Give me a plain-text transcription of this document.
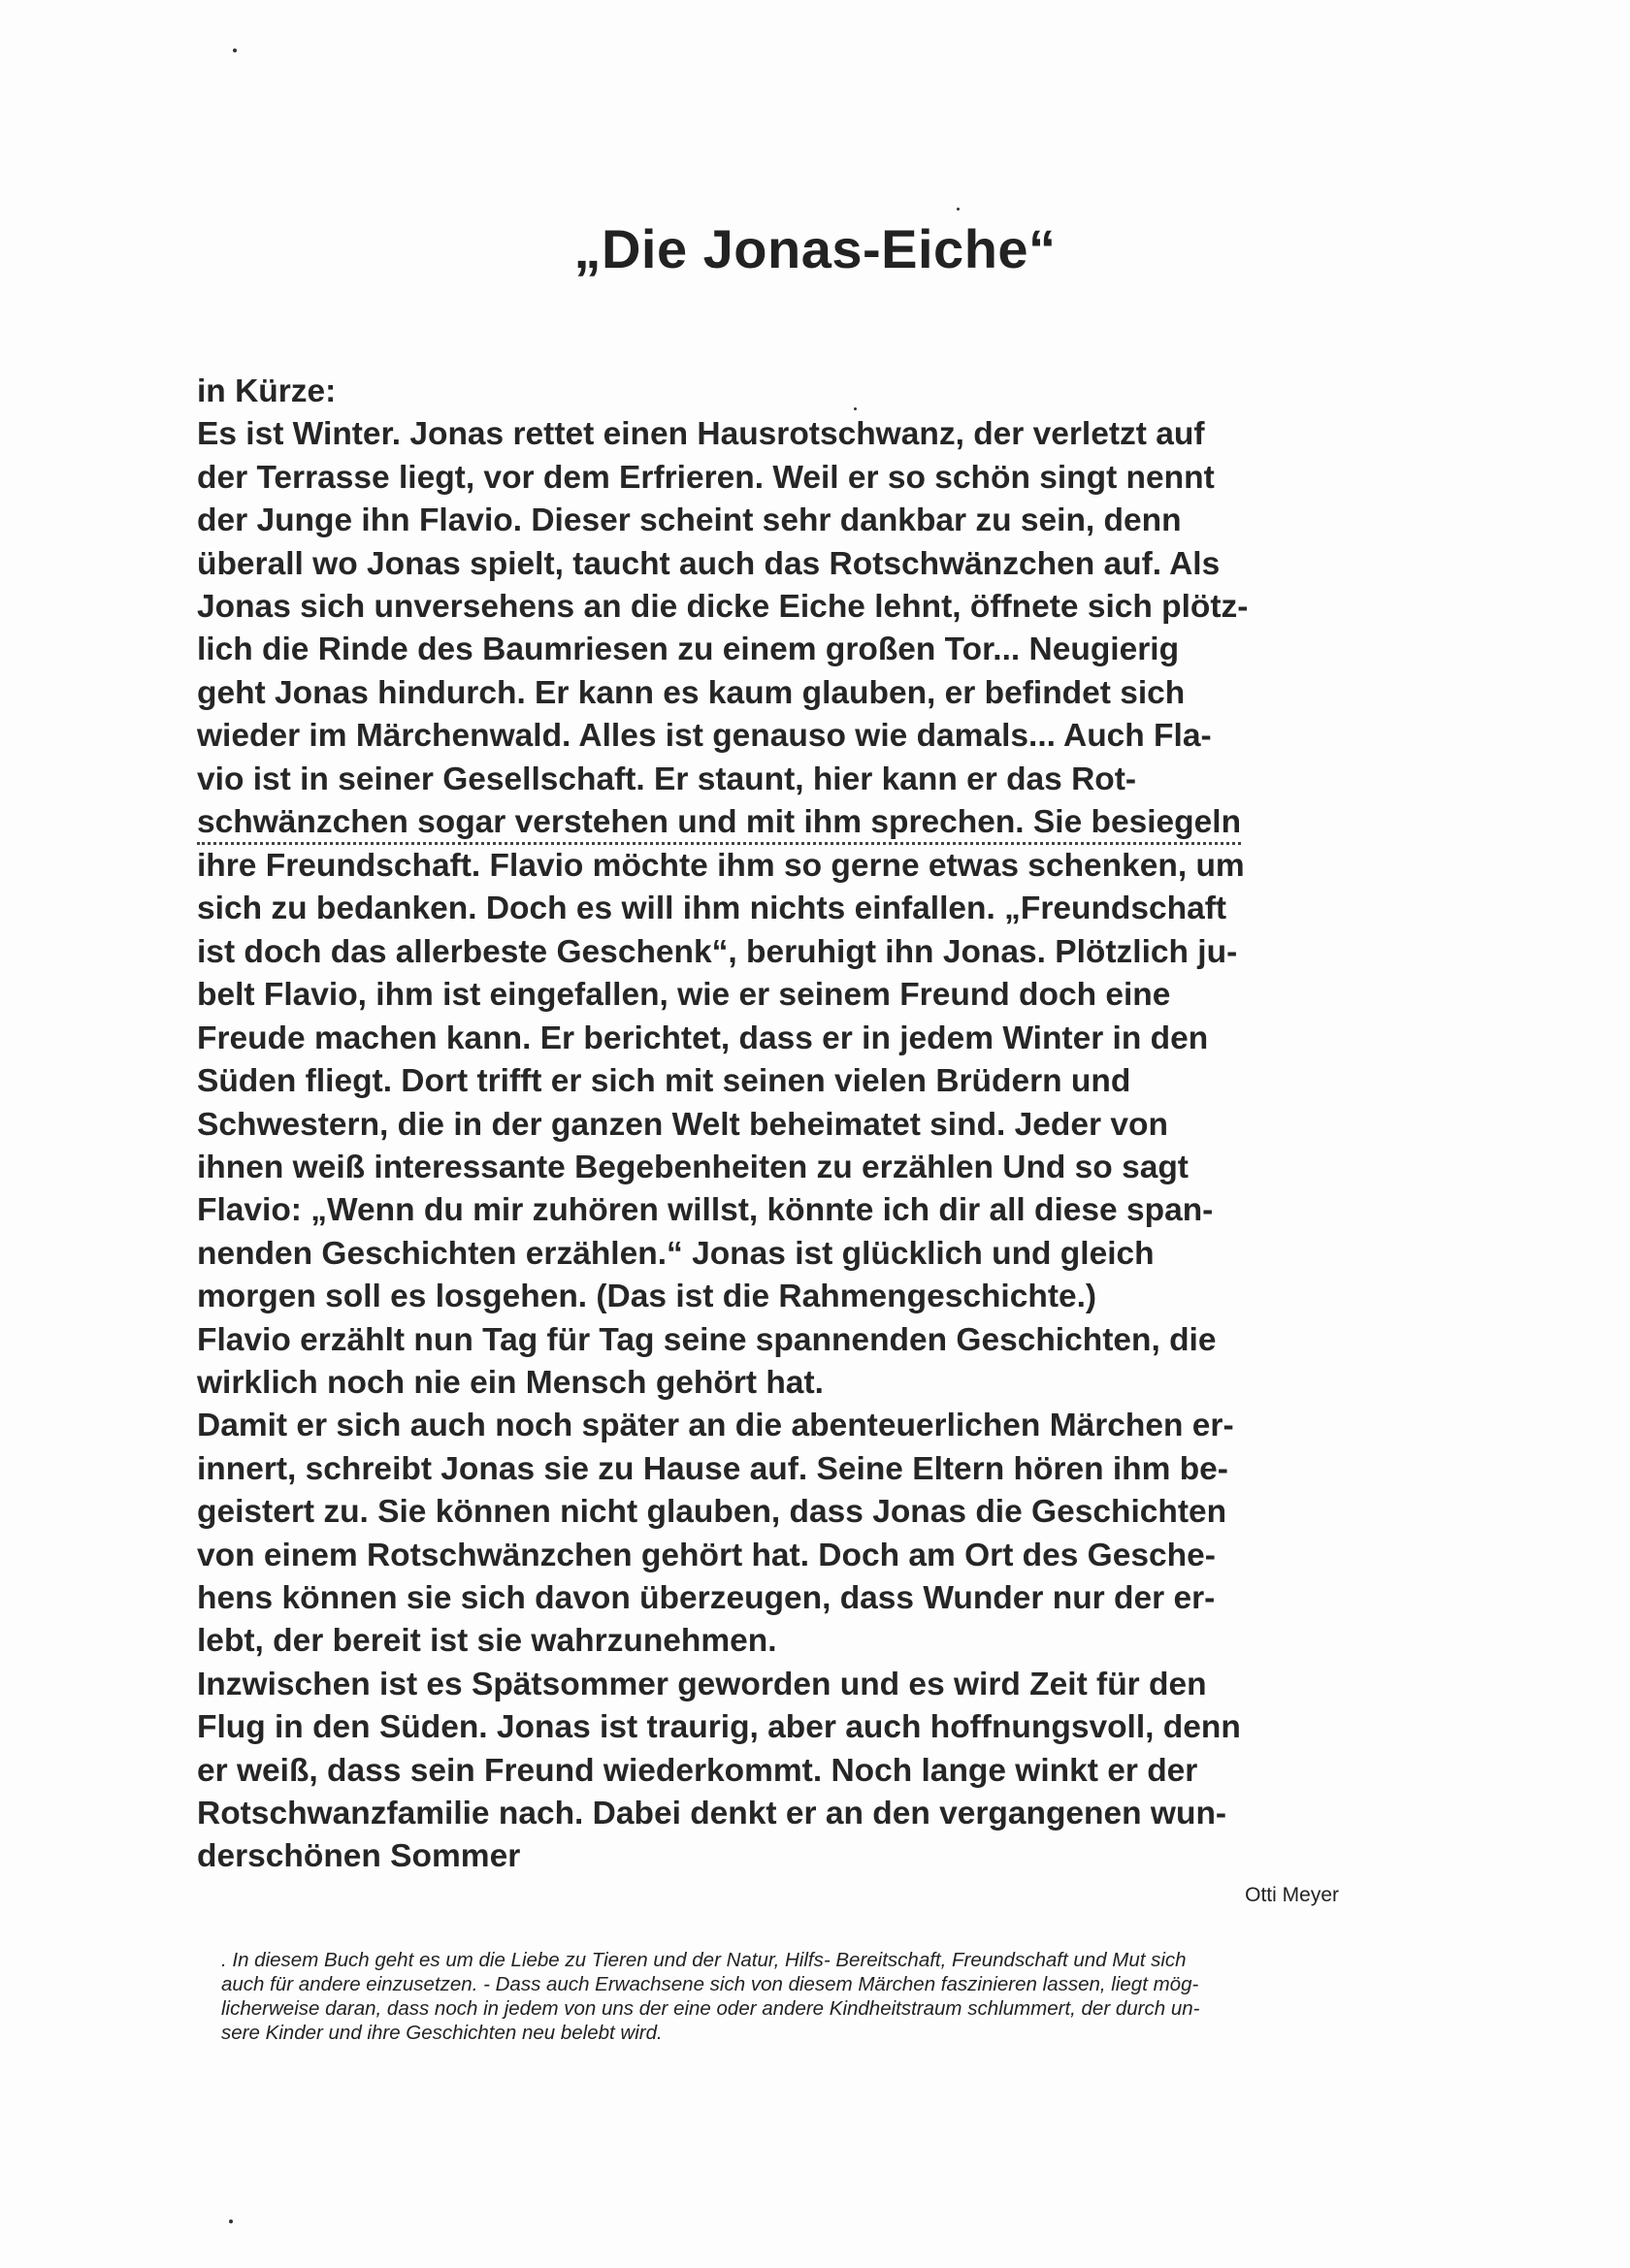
„Die Jonas-Eiche“
in Kürze:
Es ist Winter. Jonas rettet einen Hausrotschwanz, der verletzt auf
der Terrasse liegt, vor dem Erfrieren. Weil er so schön singt nennt
der Junge ihn Flavio. Dieser scheint sehr dankbar zu sein, denn
überall wo Jonas spielt, taucht auch das Rotschwänzchen auf. Als
Jonas sich unversehens an die dicke Eiche lehnt, öffnete sich plötz-
lich die Rinde des Baumriesen zu einem großen Tor... Neugierig
geht Jonas hindurch. Er kann es kaum glauben, er befindet sich
wieder im Märchenwald. Alles ist genauso wie damals... Auch Fla-
vio ist in seiner Gesellschaft. Er staunt, hier kann er das Rot-
schwänzchen sogar verstehen und mit ihm sprechen. Sie besiegeln
ihre Freundschaft. Flavio möchte ihm so gerne etwas schenken, um
sich zu bedanken. Doch es will ihm nichts einfallen. „Freundschaft
ist doch das allerbeste Geschenk“, beruhigt ihn Jonas. Plötzlich ju-
belt Flavio, ihm ist eingefallen, wie er seinem Freund doch eine
Freude machen kann. Er berichtet, dass er in jedem Winter in den
Süden fliegt. Dort trifft er sich mit seinen vielen Brüdern und
Schwestern, die in der ganzen Welt beheimatet sind. Jeder von
ihnen weiß interessante Begebenheiten zu erzählen Und so sagt
Flavio: „Wenn du mir zuhören willst, könnte ich dir all diese span-
nenden Geschichten erzählen.“ Jonas ist glücklich und gleich
morgen soll es losgehen. (Das ist die Rahmengeschichte.)
Flavio erzählt nun Tag für Tag seine spannenden Geschichten, die
wirklich noch nie ein Mensch gehört hat.
Damit er sich auch noch später an die abenteuerlichen Märchen er-
innert, schreibt Jonas sie zu Hause auf. Seine Eltern hören ihm be-
geistert zu. Sie können nicht glauben, dass Jonas die Geschichten
von einem Rotschwänzchen gehört hat. Doch am Ort des Gesche-
hens können sie sich davon überzeugen, dass Wunder nur der er-
lebt, der bereit ist sie wahrzunehmen.
Inzwischen ist es Spätsommer geworden und es wird Zeit für den
Flug in den Süden. Jonas ist traurig, aber auch hoffnungsvoll, denn
er weiß, dass sein Freund wiederkommt. Noch lange winkt er der
Rotschwanzfamilie nach. Dabei denkt er an den vergangenen wun-
derschönen Sommer
Otti Meyer
. In diesem Buch geht es um die Liebe zu Tieren und der Natur, Hilfs- Bereitschaft, Freundschaft und Mut sich
auch für andere einzusetzen. - Dass auch Erwachsene sich von diesem Märchen faszinieren lassen, liegt mög-
licherweise daran, dass noch in jedem von uns der eine oder andere Kindheitstraum schlummert, der durch un-
sere Kinder und ihre Geschichten neu belebt wird.
